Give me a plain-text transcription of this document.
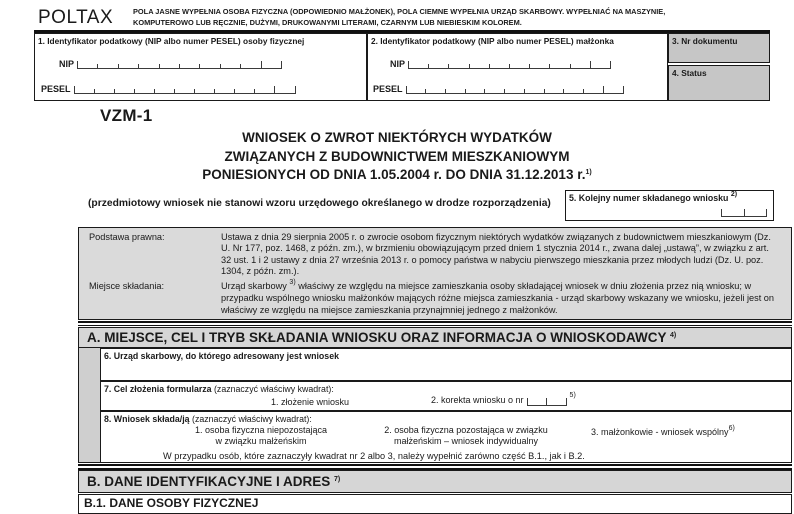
POLTAX	POLA JASNE WYPEŁNIA OSOBA FIZYCZNA (ODPOWIEDNIO MAŁŻONEK), POLA CIEMNE WYPEŁNIA URZĄD SKARBOWY. WYPEŁNIAĆ NA MASZYNIE,
KOMPUTEROWO LUB RĘCZNIE, DUŻYMI, DRUKOWANYMI LITERAMI, CZARNYM LUB NIEBIESKIM KOLOREM.
1. Identyfikator podatkowy (NIP albo numer PESEL) osoby fizycznej
NIP
PESEL
2. Identyfikator podatkowy (NIP albo numer PESEL) małżonka
NIP
PESEL
3. Nr dokumentu
4. Status
VZM-1
WNIOSEK O ZWROT NIEKTÓRYCH WYDATKÓW
ZWIĄZANYCH Z BUDOWNICTWEM MIESZKANIOWYM
PONIESIONYCH OD DNIA 1.05.2004 r. DO DNIA 31.12.2013 r.$^{1)}$
(przedmiotowy wniosek nie stanowi wzoru urzędowego określanego w drodze rozporządzenia)	5. Kolejny numer składanego wniosku $^{2)}$
Podstawa prawna:	Ustawa z dnia 29 sierpnia 2005 r. o zwrocie osobom fizycznym niektórych wydatków związanych z budownictwem mieszkaniowym (Dz. U. Nr 177, poz. 1468, z późn. zm.), w brzmieniu obowiązującym przed dniem 1 stycznia 2014 r., zwana dalej „ustawą”, w związku z art. 32 ust. 1 i 2 ustawy z dnia 27 września 2013 r. o pomocy państwa w nabyciu pierwszego mieszkania przez młodych ludzi (Dz. U. poz. 1304, z późn. zm.).
Miejsce składania:	Urząd skarbowy $^{3)}$ właściwy ze względu na miejsce zamieszkania osoby składającej wniosek w dniu złożenia przez nią wniosku; w przypadku wspólnego wniosku małżonków mających różne miejsca zamieszkania - urząd skarbowy wskazany we wniosku, jeżeli jest on właściwy ze względu na miejsce zamieszkania przynajmniej jednego z małżonków.
A. MIEJSCE, CEL I TRYB SKŁADANIA WNIOSKU ORAZ INFORMACJA O WNIOSKODAWCY $^{4)}$
6. Urząd skarbowy, do którego adresowany jest wniosek
7. Cel złożenia formularza (zaznaczyć właściwy kwadrat):
1. złożenie wniosku	2. korekta wniosku o nr	5)
8. Wniosek składa/ją (zaznaczyć właściwy kwadrat):
1. osoba fizyczna niepozostająca
w związku małżeńskim
2. osoba fizyczna pozostająca w związku
małżeńskim – wniosek indywidualny
3. małżonkowie - wniosek wspólny$^{6)}$
W przypadku osób, które zaznaczyły kwadrat nr 2 albo 3, należy wypełnić zarówno część B.1., jak i B.2.
B. DANE IDENTYFIKACYJNE I ADRES $^{7)}$
B.1. DANE OSOBY FIZYCZNEJ
